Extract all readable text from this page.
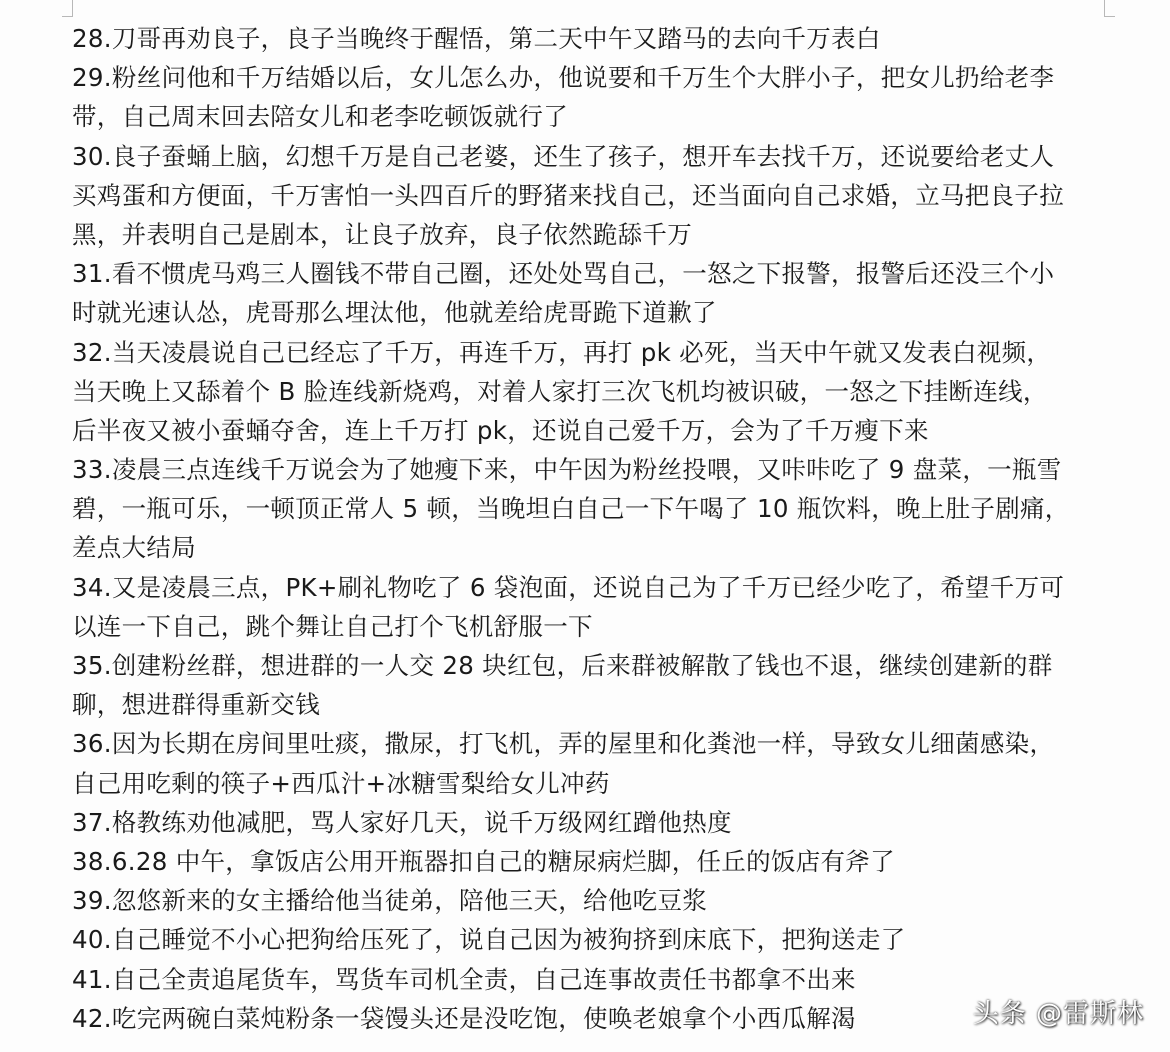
28.刀哥再劝良子，良子当晚终于醒悟，第二天中午又踏马的去向千万表白
29.粉丝问他和千万结婚以后，女儿怎么办，他说要和千万生个大胖小子，把女儿扔给老李
带，自己周末回去陪女儿和老李吃顿饭就行了
30.良子蚕蛹上脑，幻想千万是自己老婆，还生了孩子，想开车去找千万，还说要给老丈人
买鸡蛋和方便面，千万害怕一头四百斤的野猪来找自己，还当面向自己求婚，立马把良子拉
黑，并表明自己是剧本，让良子放弃，良子依然跪舔千万
31.看不惯虎马鸡三人圈钱不带自己圈，还处处骂自己，一怒之下报警，报警后还没三个小
时就光速认怂，虎哥那么埋汰他，他就差给虎哥跪下道歉了
32.当天凌晨说自己已经忘了千万，再连千万，再打 pk 必死，当天中午就又发表白视频，
当天晚上又舔着个 B 脸连线新烧鸡，对着人家打三次飞机均被识破，一怒之下挂断连线，
后半夜又被小蚕蛹夺舍，连上千万打 pk，还说自己爱千万，会为了千万瘦下来
33.凌晨三点连线千万说会为了她瘦下来，中午因为粉丝投喂，又咔咔吃了 9 盘菜，一瓶雪
碧，一瓶可乐，一顿顶正常人 5 顿，当晚坦白自己一下午喝了 10 瓶饮料，晚上肚子剧痛，
差点大结局
34.又是凌晨三点，PK+刷礼物吃了 6 袋泡面，还说自己为了千万已经少吃了，希望千万可
以连一下自己，跳个舞让自己打个飞机舒服一下
35.创建粉丝群，想进群的一人交 28 块红包，后来群被解散了钱也不退，继续创建新的群
聊，想进群得重新交钱
36.因为长期在房间里吐痰，撒尿，打飞机，弄的屋里和化粪池一样，导致女儿细菌感染，
自己用吃剩的筷子+西瓜汁+冰糖雪梨给女儿冲药
37.格教练劝他减肥，骂人家好几天，说千万级网红蹭他热度
38.6.28 中午，拿饭店公用开瓶器扣自己的糖尿病烂脚，任丘的饭店有斧了
39.忽悠新来的女主播给他当徒弟，陪他三天，给他吃豆浆
40.自己睡觉不小心把狗给压死了，说自己因为被狗挤到床底下，把狗送走了
41.自己全责追尾货车，骂货车司机全责，自己连事故责任书都拿不出来
42.吃完两碗白菜炖粉条一袋馒头还是没吃饱，使唤老娘拿个小西瓜解渴	头条 @雷斯林
